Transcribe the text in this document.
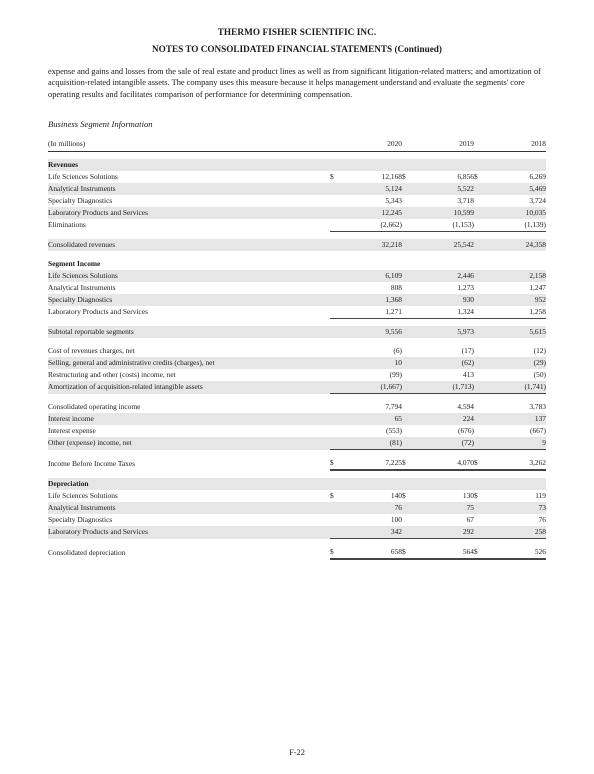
THERMO FISHER SCIENTIFIC INC.
NOTES TO CONSOLIDATED FINANCIAL STATEMENTS (Continued)
expense and gains and losses from the sale of real estate and product lines as well as from significant litigation-related matters; and amortization of acquisition-related intangible assets. The company uses this measure because it helps management understand and evaluate the segments' core operating results and facilitates comparison of performance for determining compensation.
Business Segment Information
(In millions)		2020		2019		2018

Revenues						
Life Sciences Solutions	$	12,168	$	6,856	$	6,269
Analytical Instruments		5,124		5,522		5,469
Specialty Diagnostics		5,343		3,718		3,724
Laboratory Products and Services		12,245		10,599		10,035
Eliminations		(2,662)		(1,153)		(1,139)

Consolidated revenues		32,218		25,542		24,358

Segment Income						
Life Sciences Solutions		6,109		2,446		2,158
Analytical Instruments		808		1,273		1,247
Specialty Diagnostics		1,368		930		952
Laboratory Products and Services		1,271		1,324		1,258

Subtotal reportable segments		9,556		5,973		5,615

Cost of revenues charges, net		(6)		(17)		(12)
Selling, general and administrative credits (charges), net		10		(62)		(29)
Restructuring and other (costs) income, net		(99)		413		(50)
Amortization of acquisition-related intangible assets		(1,667)		(1,713)		(1,741)

Consolidated operating income		7,794		4,594		3,783
Interest income		65		224		137
Interest expense		(553)		(676)		(667)
Other (expense) income, net		(81)		(72)		9

Income Before Income Taxes	$	7,225	$	4,070	$	3,262

Depreciation						
Life Sciences Solutions	$	140	$	130	$	119
Analytical Instruments		76		75		73
Specialty Diagnostics		100		67		76
Laboratory Products and Services		342		292		258

Consolidated depreciation	$	658	$	564	$	526
F-22
